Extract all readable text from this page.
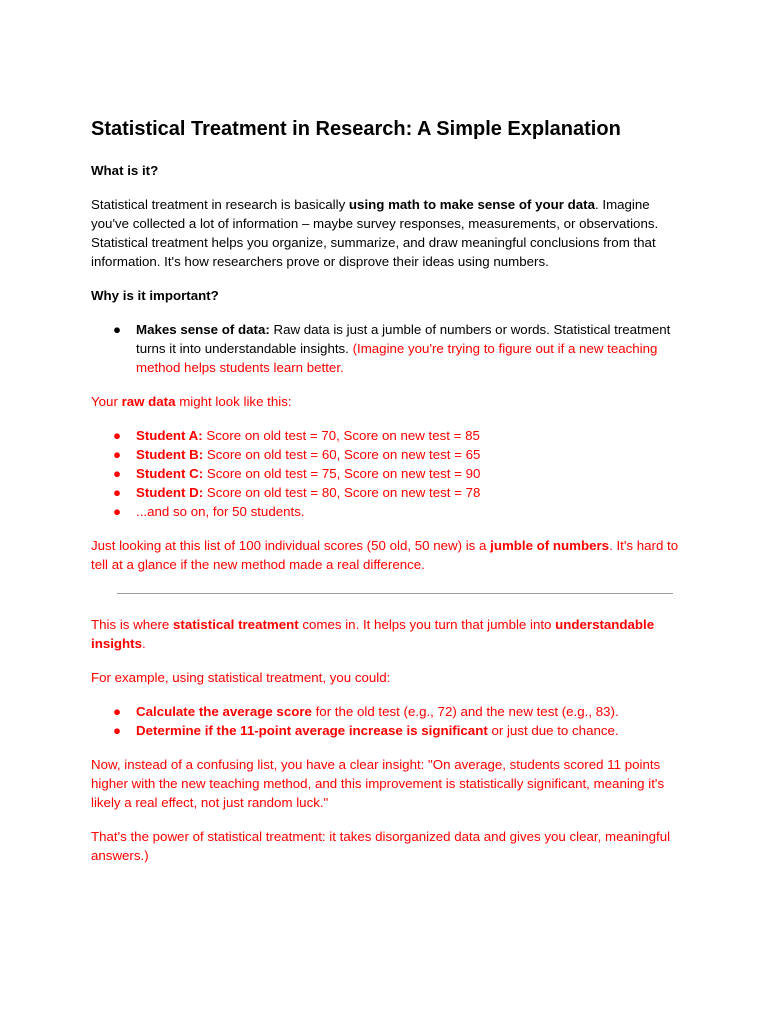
Statistical Treatment in Research: A Simple Explanation
What is it?

Statistical treatment in research is basically using math to make sense of your data. Imagine you've collected a lot of information – maybe survey responses, measurements, or observations. Statistical treatment helps you organize, summarize, and draw meaningful conclusions from that information. It's how researchers prove or disprove their ideas using numbers.

Why is it important?
● Makes sense of data: Raw data is just a jumble of numbers or words. Statistical treatment turns it into understandable insights. (Imagine you're trying to figure out if a new teaching method helps students learn better.

Your raw data might look like this:

● Student A: Score on old test = 70, Score on new test = 85
● Student B: Score on old test = 60, Score on new test = 65
● Student C: Score on old test = 75, Score on new test = 90
● Student D: Score on old test = 80, Score on new test = 78
● ...and so on, for 50 students.

Just looking at this list of 100 individual scores (50 old, 50 new) is a jumble of numbers. It's hard to tell at a glance if the new method made a real difference.

This is where statistical treatment comes in. It helps you turn that jumble into understandable insights.

For example, using statistical treatment, you could:

● Calculate the average score for the old test (e.g., 72) and the new test (e.g., 83).
● Determine if the 11-point average increase is significant or just due to chance.

Now, instead of a confusing list, you have a clear insight: "On average, students scored 11 points higher with the new teaching method, and this improvement is statistically significant, meaning it's likely a real effect, not just random luck."

That's the power of statistical treatment: it takes disorganized data and gives you clear, meaningful answers.)
